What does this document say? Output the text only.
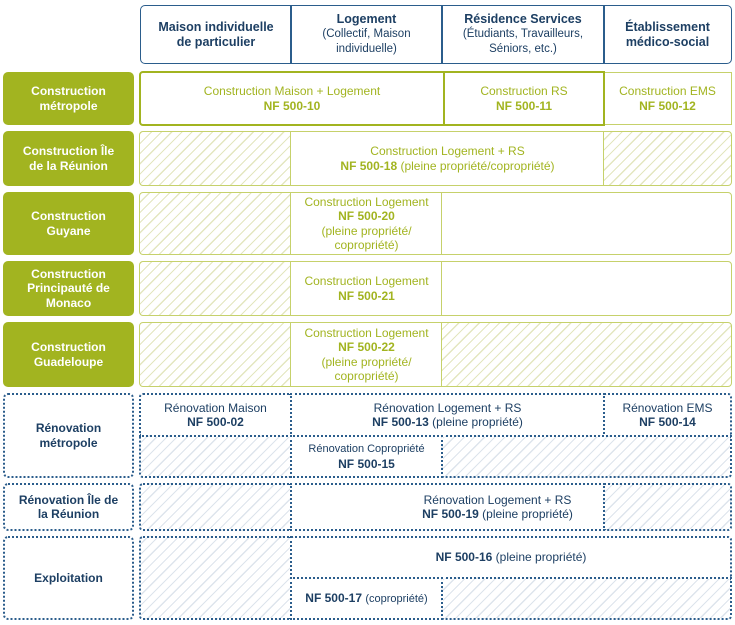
Maison individuelle de particulier
Logement
(Collectif, Maison individuelle)
Résidence Services
(Étudiants, Travailleurs, Séniors, etc.)
Établissement médico-social
Construction métropole
Construction Île de la Réunion
Construction Guyane
Construction Principauté de Monaco
Construction Guadeloupe
Rénovation métropole
Rénovation Île de la Réunion
Exploitation
Construction EMS
NF 500-12
Construction Maison + Logement
NF 500-10
Construction RS
NF 500-11
Construction Logement + RS
NF 500-18 (pleine propriété/copropriété)
Construction Logement
NF 500-20
(pleine propriété/ copropriété)
Construction Logement
NF 500-21
Construction Logement
NF 500-22
(pleine propriété/ copropriété)
Rénovation Maison
NF 500-02
Rénovation Logement + RS
NF 500-13 (pleine propriété)
Rénovation EMS
NF 500-14
Rénovation Copropriété
NF 500-15
Rénovation Logement + RS
NF 500-19 (pleine propriété)
NF 500-16 (pleine propriété)
NF 500-17 (copropriété)
